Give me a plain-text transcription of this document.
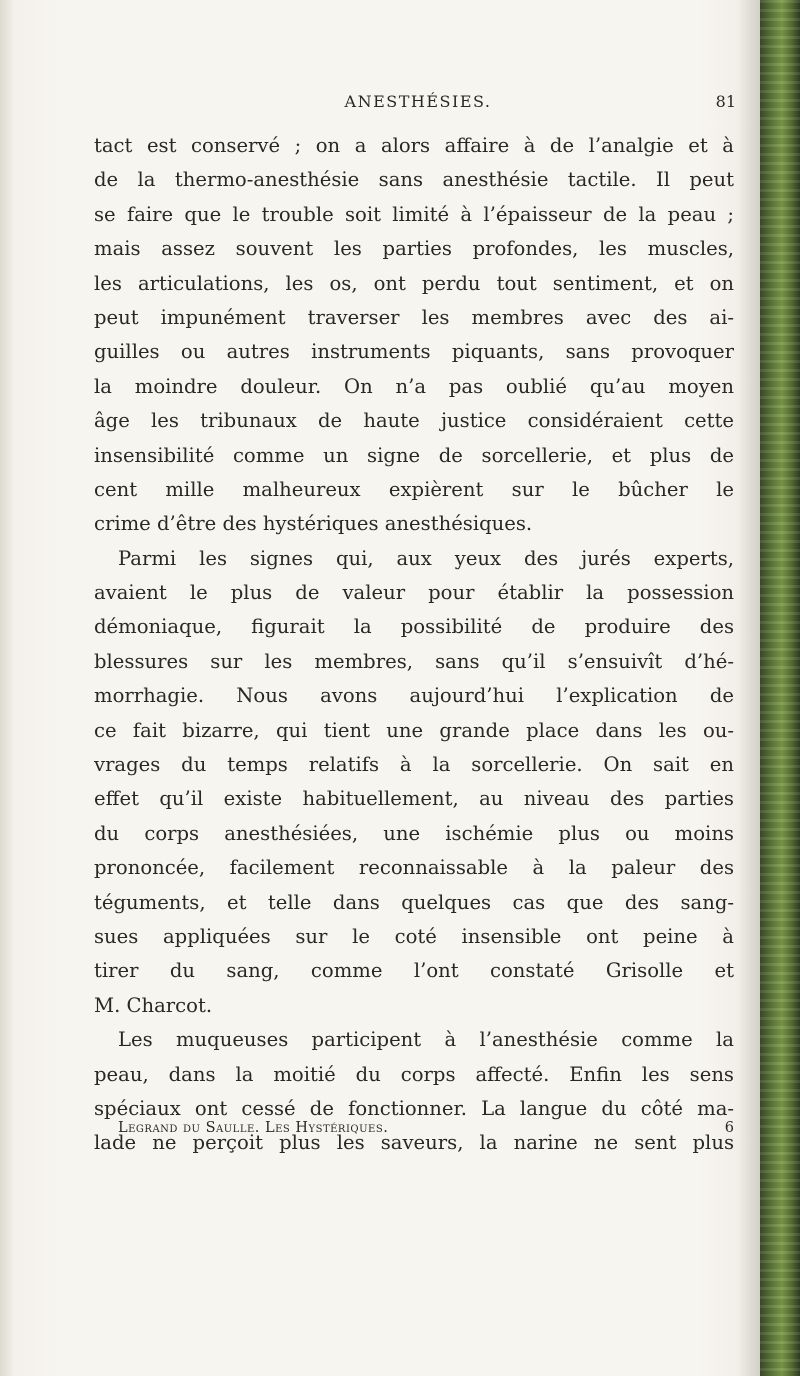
ANESTHÉSIES.	81
tact est conservé ; on a alors affaire à de l’analgie et à
de la thermo-anesthésie sans anesthésie tactile. Il peut
se faire que le trouble soit limité à l’épaisseur de la peau ;
mais assez souvent les parties profondes, les muscles,
les articulations, les os, ont perdu tout sentiment, et on
peut impunément traverser les membres avec des ai-
guilles ou autres instruments piquants, sans provoquer
la moindre douleur. On n’a pas oublié qu’au moyen
âge les tribunaux de haute justice considéraient cette
insensibilité comme un signe de sorcellerie, et plus de
cent mille malheureux expièrent sur le bûcher le
crime d’être des hystériques anesthésiques.
Parmi les signes qui, aux yeux des jurés experts,
avaient le plus de valeur pour établir la possession
démoniaque, figurait la possibilité de produire des
blessures sur les membres, sans qu’il s’ensuivît d’hé-
morrhagie. Nous avons aujourd’hui l’explication de
ce fait bizarre, qui tient une grande place dans les ou-
vrages du temps relatifs à la sorcellerie. On sait en
effet qu’il existe habituellement, au niveau des parties
du corps anesthésiées, une ischémie plus ou moins
prononcée, facilement reconnaissable à la paleur des
téguments, et telle dans quelques cas que des sang-
sues appliquées sur le coté insensible ont peine à
tirer du sang, comme l’ont constaté Grisolle et
M. Charcot.
Les muqueuses participent à l’anesthésie comme la
peau, dans la moitié du corps affecté. Enfin les sens
spéciaux ont cessé de fonctionner. La langue du côté ma-
lade ne perçoit plus les saveurs, la narine ne sent plus
Legrand du Saulle. Les Hystériques.	6
